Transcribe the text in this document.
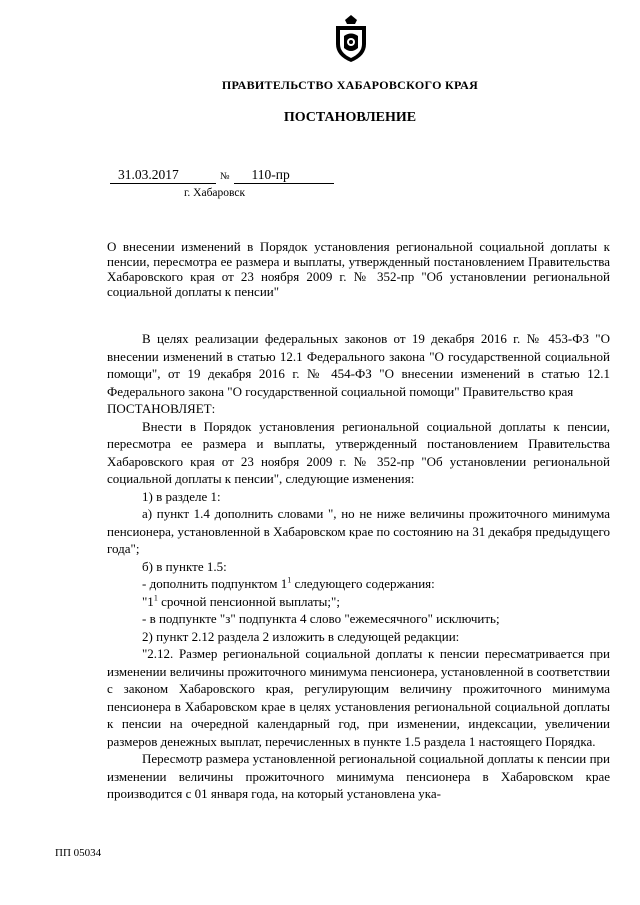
ПРАВИТЕЛЬСТВО ХАБАРОВСКОГО КРАЯ
ПОСТАНОВЛЕНИЕ
31.03.2017	№ 110-пр
г. Хабаровск
О внесении изменений в Порядок установления региональной социальной доплаты к пенсии, пересмотра ее размера и выплаты, утвержденный постановлением Правительства Хабаровского края от 23 ноября 2009 г. № 352-пр "Об установлении региональной социальной доплаты к пенсии"

В целях реализации федеральных законов от 19 декабря 2016 г. № 453-ФЗ "О внесении изменений в статью 12.1 Федерального закона "О государственной социальной помощи", от 19 декабря 2016 г. № 454-ФЗ "О внесении изменений в статью 12.1 Федерального закона "О государственной социальной помощи" Правительство края

ПОСТАНОВЛЯЕТ:

Внести в Порядок установления региональной социальной доплаты к пенсии, пересмотра ее размера и выплаты, утвержденный постановлением Правительства Хабаровского края от 23 ноября 2009 г. № 352-пр "Об установлении региональной социальной доплаты к пенсии", следующие изменения:

1) в разделе 1:

а) пункт 1.4 дополнить словами ", но не ниже величины прожиточного минимума пенсионера, установленной в Хабаровском крае по состоянию на 31 декабря предыдущего года";

б) в пункте 1.5:

- дополнить подпунктом $1^1$ следующего содержания:

"$1^1$ срочной пенсионной выплаты;";

- в подпункте "з" подпункта 4 слово "ежемесячного" исключить;

2) пункт 2.12 раздела 2 изложить в следующей редакции:

"2.12. Размер региональной социальной доплаты к пенсии пересматривается при изменении величины прожиточного минимума пенсионера, установленной в соответствии с законом Хабаровского края, регулирующим величину прожиточного минимума пенсионера в Хабаровском крае в целях установления региональной социальной доплаты к пенсии на очередной календарный год, при изменении, индексации, увеличении размеров денежных выплат, перечисленных в пункте 1.5 раздела 1 настоящего Порядка.

Пересмотр размера установленной региональной социальной доплаты к пенсии при изменении величины прожиточного минимума пенсионера в Хабаровском крае производится с 01 января года, на который установлена ука-

ПП 05034
